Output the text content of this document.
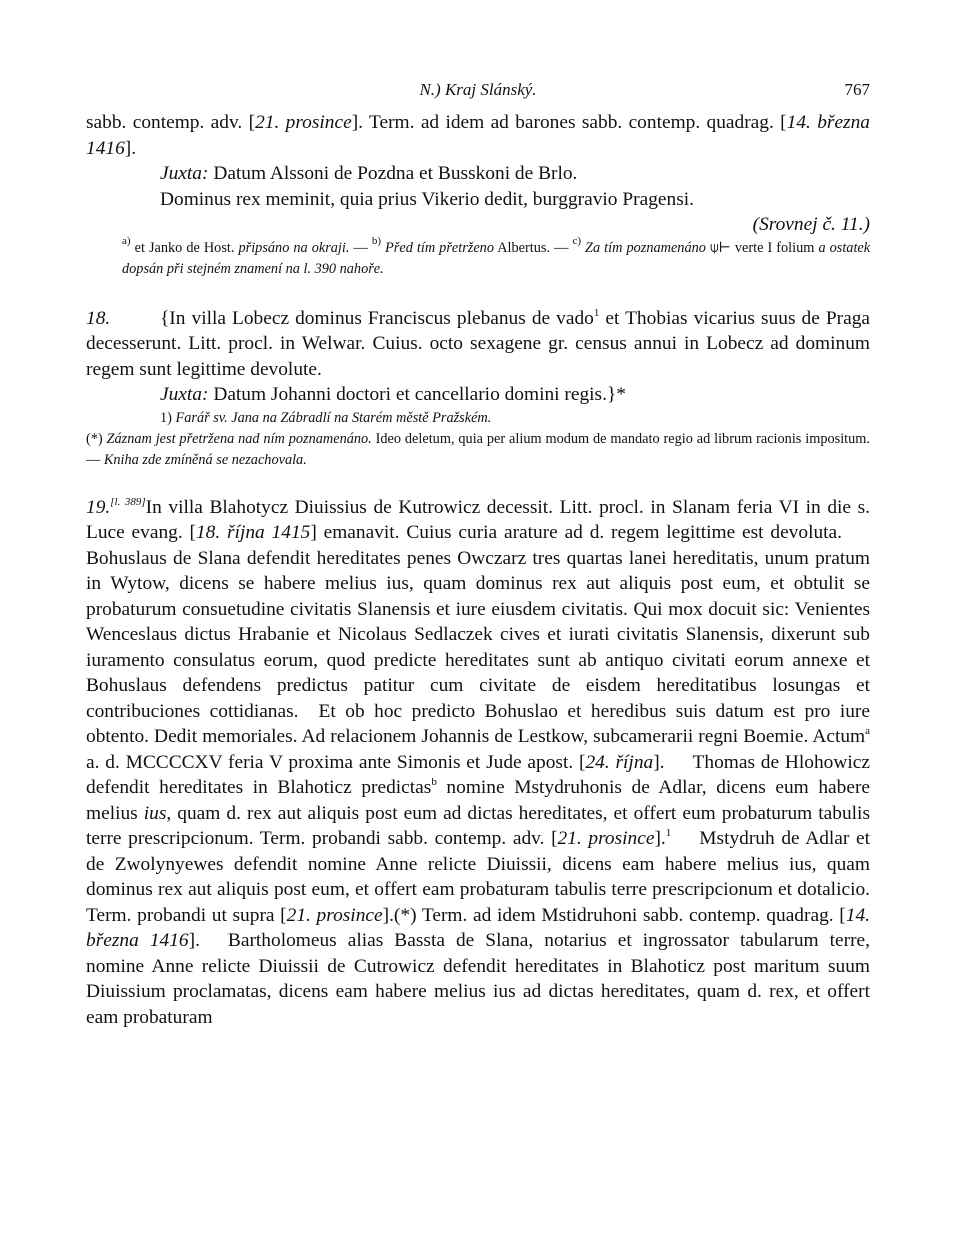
N.) Kraj Slánský.	767

sabb. contemp. adv. [21. prosince]. Term. ad idem ad barones sabb. contemp. quadrag. [14. března 1416].

Juxta: Datum Alssoni de Pozdna et Busskoni de Brlo.

Dominus rex meminit, quia prius Vikerio dedit, burggravio Pragensi.

(Srovnej č. 11.)

$^{a)}$ et Janko de Host. připsáno na okraji. — $^{b)}$ Před tím přetrženo Albertus. — $^{c)}$ Za tím poznamenáno ⍦⊢ verte I folium a ostatek dopsán při stejném znamení na l. 390 nahoře.

18.	{In villa Lobecz dominus Franciscus plebanus de vado$^1$ et Thobias vicarius suus de Praga decesserunt. Litt. procl. in Welwar. Cuius. octo sexagene gr. census annui in Lobecz ad dominum regem sunt legittime devolute.

Juxta: Datum Johanni doctori et cancellario domini regis.}*

1) Farář sv. Jana na Zábradlí na Starém městě Pražském.
(*) Záznam jest přetržena nad ním poznamenáno. Ideo deletum, quia per alium modum de mandato regio ad librum racionis impositum. — Kniha zde zmíněná se nezachovala.

19.[l. 389]In villa Blahotycz Diuissius de Kutrowicz decessit. Litt. procl. in Slanam feria VI in die s. Luce evang. [18. října 1415] emanavit. Cuius curia arature ad d. regem legittime est devoluta.Bohuslaus de Slana defendit hereditates penes Owczarz tres quartas lanei hereditatis, unum pratum in Wytow, dicens se habere melius ius, quam dominus rex aut aliquis post eum, et obtulit se probaturum consuetudine civitatis Slanensis et iure eiusdem civitatis. Qui mox docuit sic: Venientes Wenceslaus dictus Hrabanie et Nicolaus Sedlaczek cives et iurati civitatis Slanensis, dixerunt sub iuramento consulatus eorum, quod predicte hereditates sunt ab antiquo civitati eorum annexe et Bohuslaus defendens predictus patitur cum civitate de eisdem hereditatibus losungas et contribuciones cottidianas. Et ob hoc predicto Bohuslao et heredibus suis datum est pro iure obtento. Dedit memoriales. Ad relacionem Johannis de Lestkow, subcamerarii regni Boemie. Actum$^a$ a. d. MCCCCXV feria V proxima ante Simonis et Jude apost. [24. října]. Thomas de Hlohowicz defendit hereditates in Blahoticz predictas$^b$ nomine Mstydruhonis de Adlar, dicens eum habere melius ius, quam d. rex aut aliquis post eum ad dictas hereditates, et offert eum probaturum tabulis terre prescripcionum. Term. probandi sabb. contemp. adv. [21. prosince].$^1$ Mstydruh de Adlar et de Zwolynyewes defendit nomine Anne relicte Diuissii, dicens eam habere melius ius, quam dominus rex aut aliquis post eum, et offert eam probaturam tabulis terre prescripcionum et dotalicio. Term. probandi ut supra [21. prosince].(*) Term. ad idem Mstidruhoni sabb. contemp. quadrag. [14. března 1416]. Bartholomeus alias Bassta de Slana, notarius et ingrossator tabularum terre, nomine Anne relicte Diuissii de Cutrowicz defendit hereditates in Blahoticz post maritum suum Diuissium proclamatas, dicens eam habere melius ius ad dictas hereditates, quam d. rex, et offert eam probaturam
